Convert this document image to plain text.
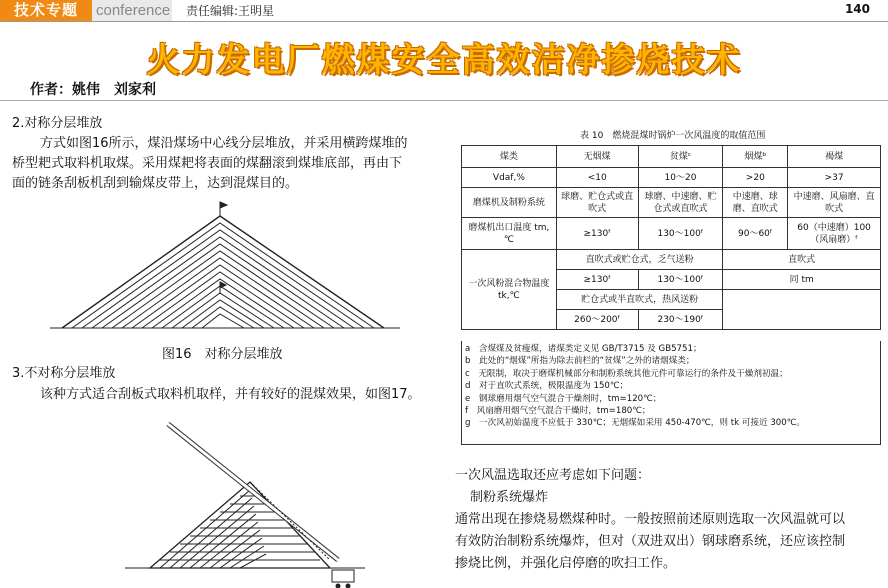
技术专题	conference 责任编辑:王明星	140
火力发电厂燃煤安全高效洁净掺烧技术
作者：姚伟　刘家利
2.对称分层堆放
方式如图16所示，煤沿煤场中心线分层堆放，并采用横跨煤堆的
桥型耙式取料机取煤。采用煤耙将表面的煤翻滚到煤堆底部，再由下
面的链条刮板机刮到输煤皮带上，达到混煤目的。
图16　对称分层堆放
3.不对称分层堆放
该种方式适合刮板式取料机取样，并有较好的混煤效果，如图17。
表 10　燃烧混煤时锅炉一次风温度的取值范围
煤类	无烟煤	贫煤ᶜ	烟煤ᵇ	褐煤
Vdaf,%	<10	10～20	>20	>37
磨煤机及制粉系统	球磨、贮仓式或直吹式	球磨、中速磨、贮仓式或直吹式	中速磨、球磨、直吹式	中速磨、风扇磨、直吹式
磨煤机出口温度 tm,℃	≥130ᶠ	130～100ᶠ	90～60ᶠ	60（中速磨）100（风扇磨）ᶠ
一次风粉混合物温度 tk,℃	直吹式或贮仓式，乏气送粉		直吹式	
	≥130ᶠ	130～100ᶠ	同 tm	
	贮仓式或半直吹式，热风送粉			
	260～200ᶠ	230～190ᶠ		
a　含煤煤及贫瘦煤，诸煤类定义见 GB/T3715 及 GB5751；
b　此处的“烟煤”所指为除去前栏的“贫煤”之外的诸烟煤类；
c　无限制，取决于磨煤机械部分和制粉系统其他元件可靠运行的条件及干燥剂初温；
d　对于直吹式系统，极限温度为 150℃；
e　钢球磨用烟气空气混合干燥剂时，tm=120℃；
f　风扇磨用烟气空气混合干燥时，tm=180℃；
g　一次风初始温度不应低于 330℃；无烟煤如采用 450-470℃，则 tk 可接近 300℃。
一次风温选取还应考虑如下问题：
制粉系统爆炸
通常出现在掺烧易燃煤种时。一般按照前述原则选取一次风温就可以
有效防治制粉系统爆炸，但对（双进双出）钢球磨系统，还应该控制
掺烧比例，并强化启停磨的吹扫工作。
